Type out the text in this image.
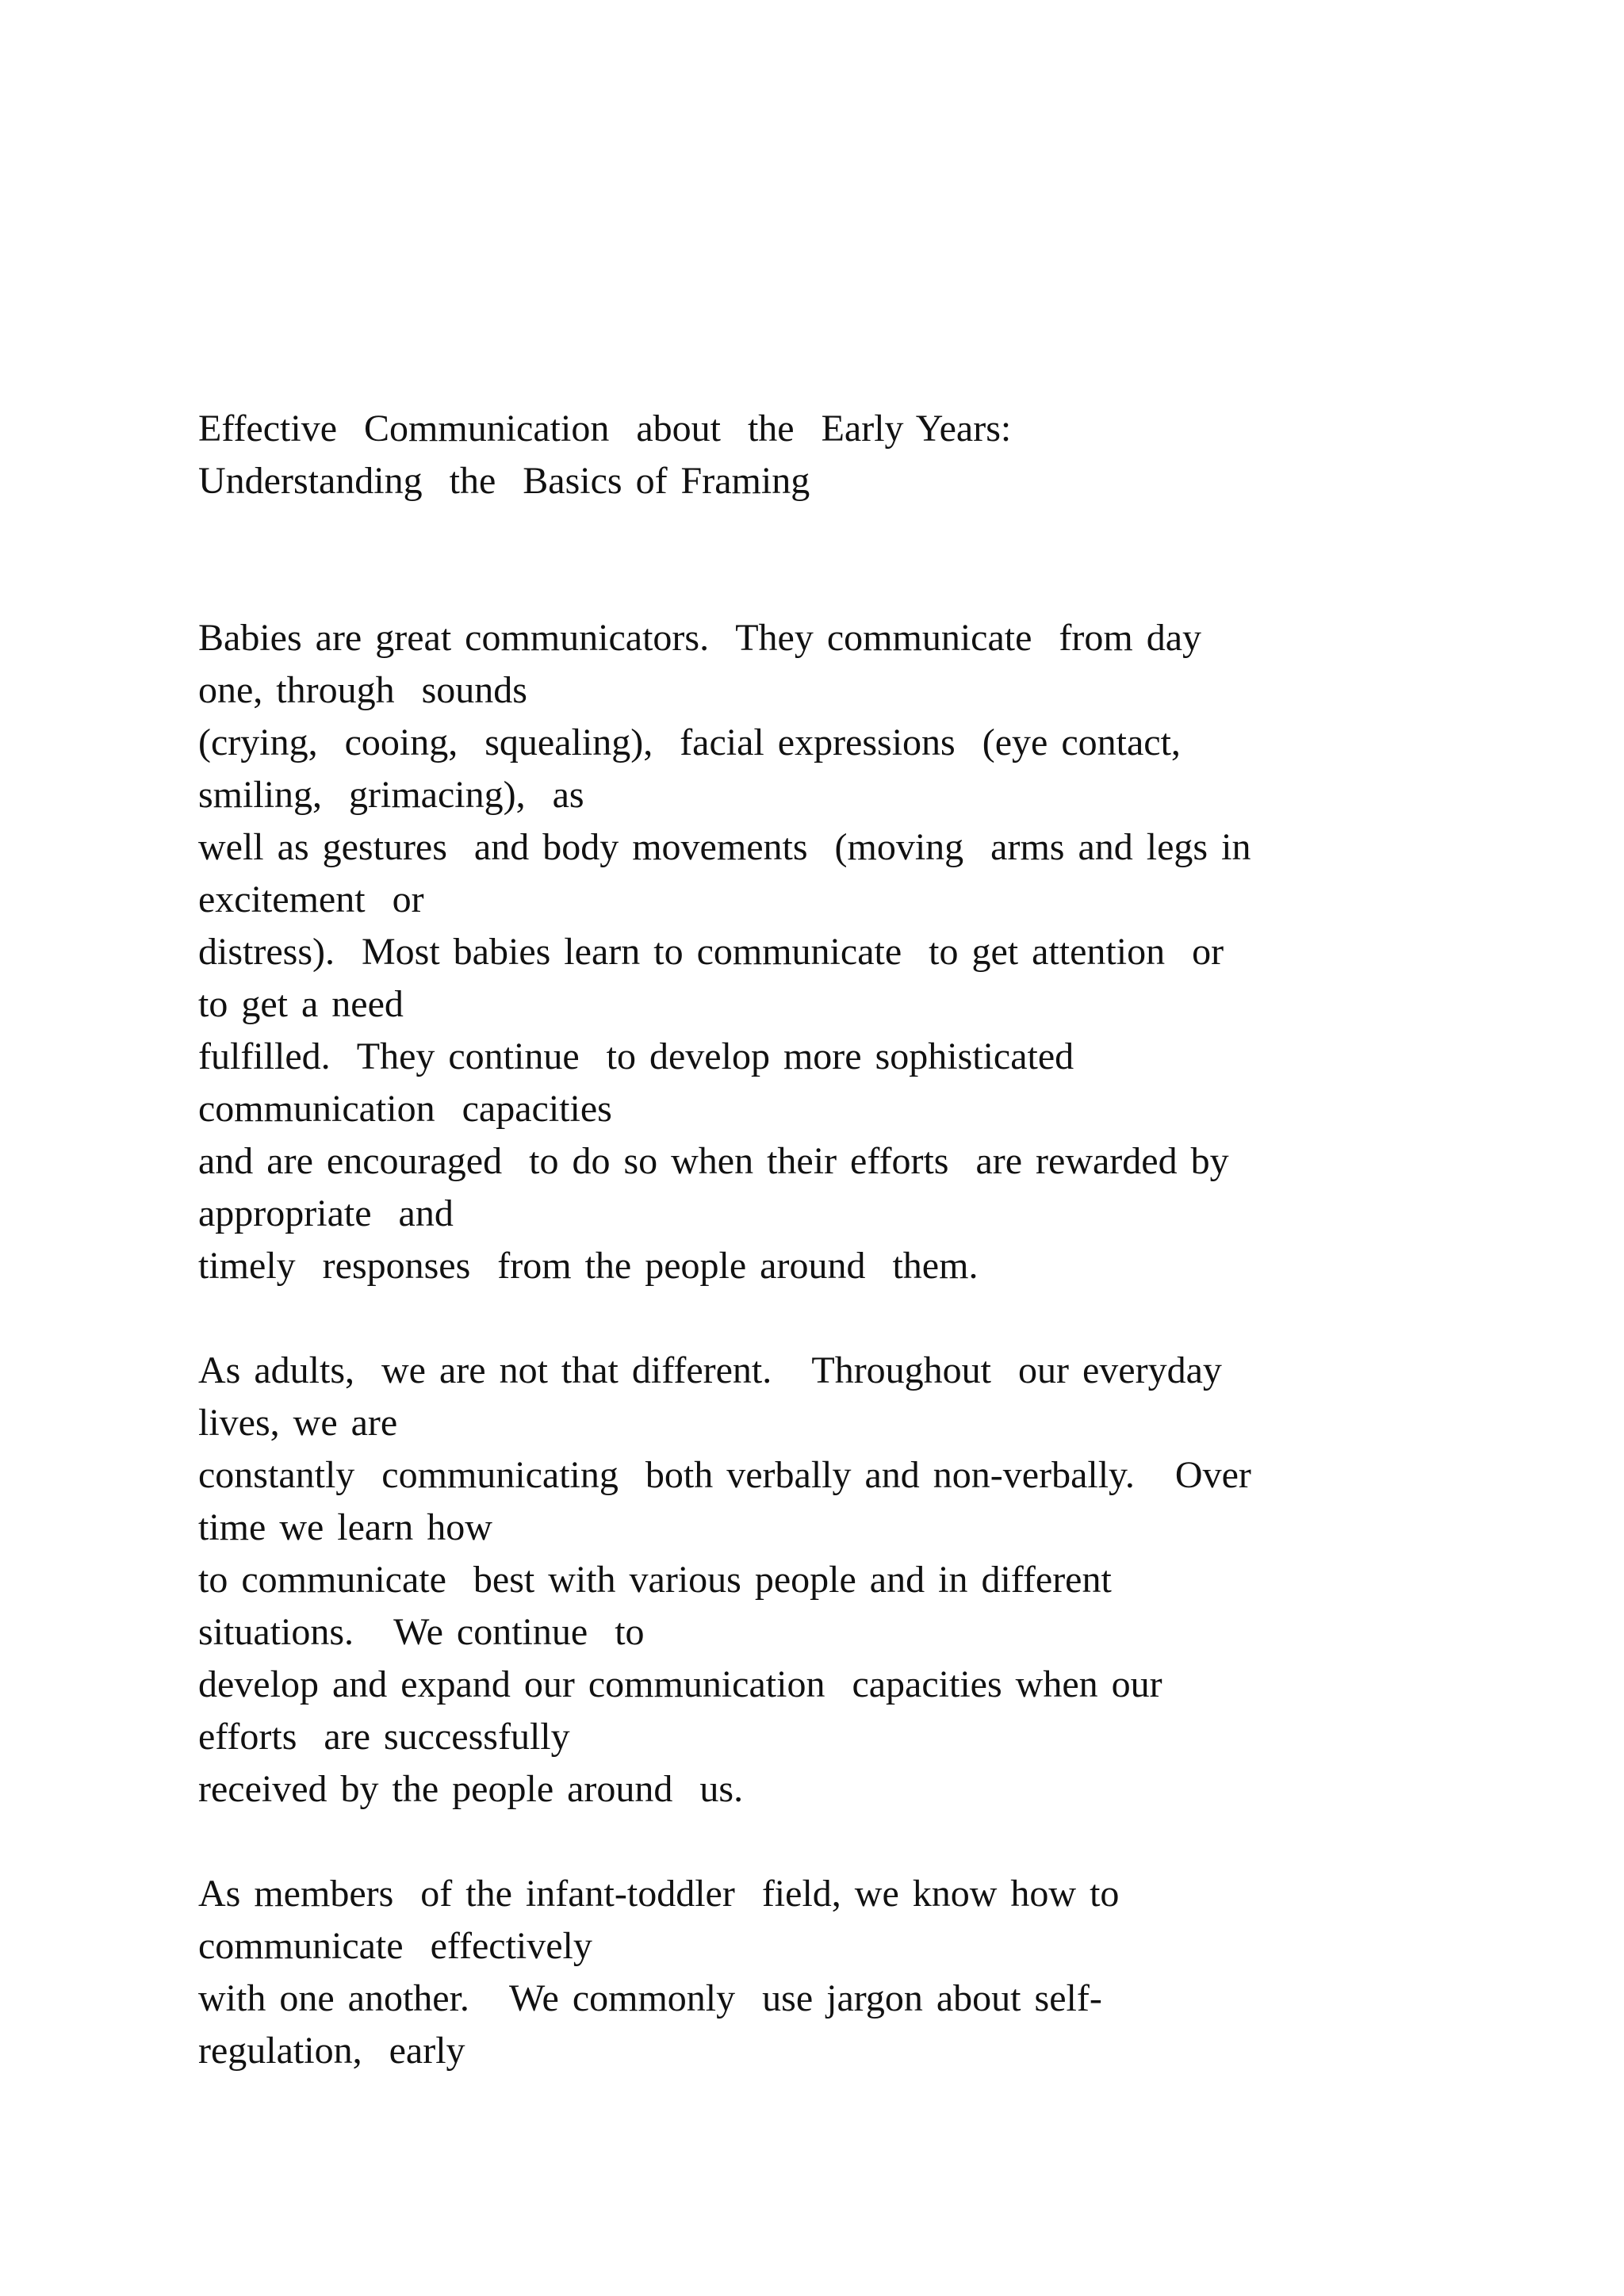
Effective  Communication  about  the  Early Years:
Understanding  the  Basics of Framing
Babies are great communicators.  They communicate  from day
one, through  sounds
(crying,  cooing,  squealing),  facial expressions  (eye contact,
smiling,  grimacing),  as
well as gestures  and body movements  (moving  arms and legs in
excitement  or
distress).  Most babies learn to communicate  to get attention  or
to get a need
fulfilled.  They continue  to develop more sophisticated
communication  capacities
and are encouraged  to do so when their efforts  are rewarded by
appropriate  and
timely  responses  from the people around  them.
As adults,  we are not that different.   Throughout  our everyday
lives, we are
constantly  communicating  both verbally and non-verbally.   Over
time we learn how
to communicate  best with various people and in different
situations.   We continue  to
develop and expand our communication  capacities when our
efforts  are successfully
received by the people around  us.
As members  of the infant-toddler  field, we know how to
communicate  effectively
with one another.   We commonly  use jargon about self-
regulation,  early
